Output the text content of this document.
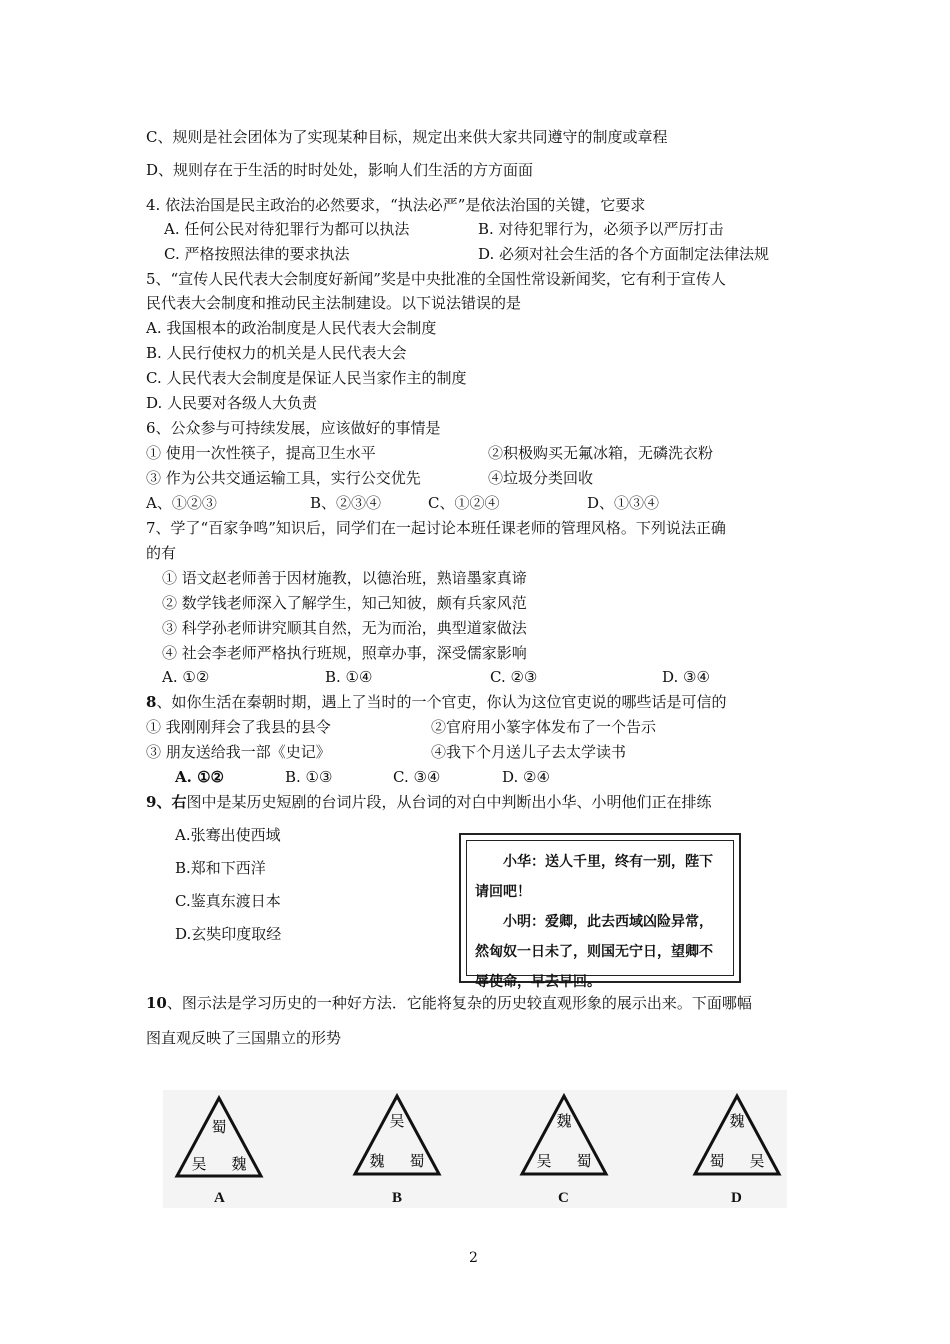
C、规则是社会团体为了实现某种目标，规定出来供大家共同遵守的制度或章程
D、规则存在于生活的时时处处，影响人们生活的方方面面
4. 依法治国是民主政治的必然要求，“执法必严”是依法治国的关键，它要求
A. 任何公民对待犯罪行为都可以执法	B. 对待犯罪行为，必须予以严厉打击
C. 严格按照法律的要求执法	D. 必须对社会生活的各个方面制定法律法规
5、“宣传人民代表大会制度好新闻”奖是中央批准的全国性常设新闻奖，它有利于宣传人
民代表大会制度和推动民主法制建设。以下说法错误的是
A. 我国根本的政治制度是人民代表大会制度
B. 人民行使权力的机关是人民代表大会
C. 人民代表大会制度是保证人民当家作主的制度
D. 人民要对各级人大负责
6、公众参与可持续发展，应该做好的事情是
① 使用一次性筷子，提高卫生水平	②积极购买无氟冰箱，无磷洗衣粉
③ 作为公共交通运输工具，实行公交优先	④垃圾分类回收
A、①②③	B、②③④	C、①②④	D、①③④
7、学了“百家争鸣”知识后，同学们在一起讨论本班任课老师的管理风格。下列说法正确
的有
① 语文赵老师善于因材施教，以德治班，熟谙墨家真谛
② 数学钱老师深入了解学生，知己知彼，颇有兵家风范
③ 科学孙老师讲究顺其自然，无为而治，典型道家做法
④ 社会李老师严格执行班规，照章办事，深受儒家影响
A. ①②	B. ①④	C. ②③	D. ③④
8、如你生活在秦朝时期，遇上了当时的一个官吏，你认为这位官吏说的哪些话是可信的
① 我刚刚拜会了我县的县令	②官府用小篆字体发布了一个告示
③ 朋友送给我一部《史记》	④我下个月送儿子去太学读书
A. ①②	B. ①③	C. ③④	D. ②④
9、右图中是某历史短剧的台词片段，从台词的对白中判断出小华、小明他们正在排练
A.张骞出使西域
B.郑和下西洋
C.鉴真东渡日本
D.玄奘印度取经

小华：送人千里，终有一别，陛下请回吧！

小明：爱卿，此去西域凶险异常，然匈奴一日未了，则国无宁日，望卿不辱使命，早去早回。

10、图示法是学习历史的一种好方法．它能将复杂的历史较直观形象的展示出来。下面哪幅
图直观反映了三国鼎立的形势
蜀
吴 魏
吴
魏 蜀
魏
吴 蜀
魏
蜀 吴
A	B	C	D
2
